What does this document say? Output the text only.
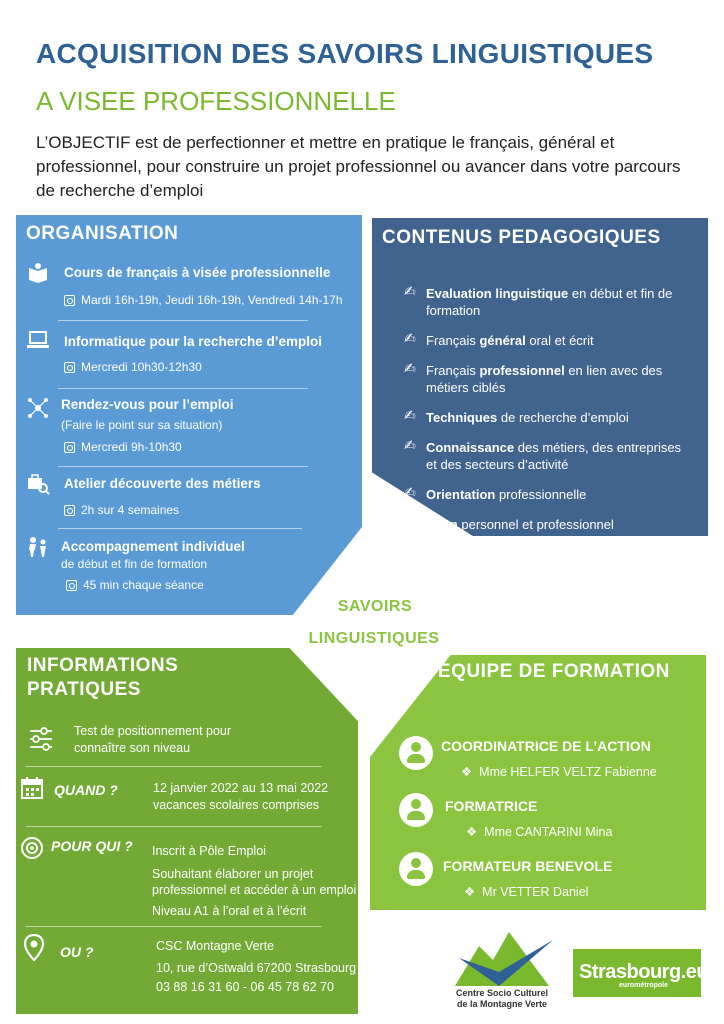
ACQUISITION DES SAVOIRS LINGUISTIQUES
A VISEE PROFESSIONNELLE
L’OBJECTIF est de perfectionner et mettre en pratique le français, général et professionnel, pour construire un projet professionnel ou avancer dans votre parcours de recherche d’emploi
ORGANISATION
Cours de français à visée professionnelle
Mardi 16h-19h, Jeudi 16h-19h, Vendredi 14h-17h
Informatique pour la recherche d’emploi
Mercredi 10h30-12h30
Rendez-vous pour l’emploi
(Faire le point sur sa situation)
Mercredi 9h-10h30
Atelier découverte des métiers
2h sur 4 semaines
Accompagnement individuel
de début et fin de formation
45 min chaque séance
CONTENUS PEDAGOGIQUES
✍ Evaluation linguistique en début et fin de formation
✍ Français général oral et écrit
✍ Français professionnel en lien avec des métiers ciblés
✍ Techniques de recherche d’emploi
✍ Connaissance des métiers, des entreprises et des secteurs d’activité
✍ Orientation professionnelle
✍ Bilan personnel et professionnel
SAVOIRS
LINGUISTIQUES
INFORMATIONS
PRATIQUES
Test de positionnement pour
connaître son niveau
QUAND ?	12 janvier 2022 au 13 mai 2022
vacances scolaires comprises
POUR QUI ? Inscrit à Pôle Emploi
Souhaitant élaborer un projet
professionnel et accéder à un emploi
Niveau A1 à l’oral et à l’écrit
OU ?	CSC Montagne Verte
10, rue d’Ostwald 67200 Strasbourg
03 88 16 31 60 - 06 45 78 62 70
EQUIPE DE FORMATION
COORDINATRICE DE L’ACTION
❖  Mme HELFER VELTZ Fabienne
FORMATRICE
❖  Mme CANTARINI Mina
FORMATEUR BENEVOLE
❖  Mr VETTER Daniel
Centre Socio Culturel
de la Montagne Verte
Strasbourg.eu
eurométropole
